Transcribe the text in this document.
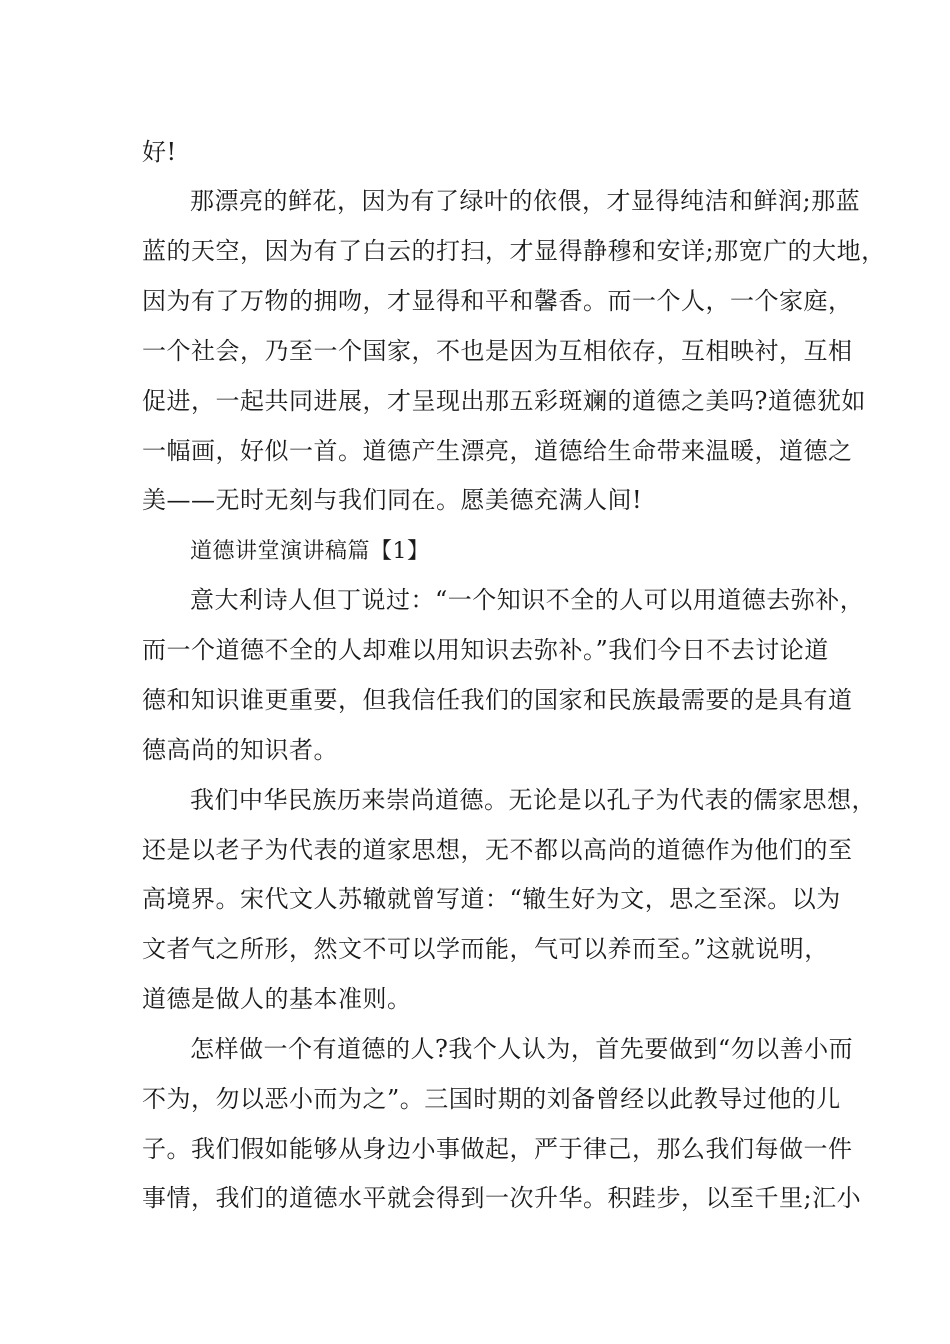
好!
那漂亮的鲜花，因为有了绿叶的依偎，才显得纯洁和鲜润;那蓝
蓝的天空，因为有了白云的打扫，才显得静穆和安详;那宽广的大地，
因为有了万物的拥吻，才显得和平和馨香。而一个人，一个家庭，
一个社会，乃至一个国家，不也是因为互相依存，互相映衬，互相
促进，一起共同进展，才呈现出那五彩斑斓的道德之美吗?道德犹如
一幅画，好似一首。道德产生漂亮，道德给生命带来温暖，道德之
美——无时无刻与我们同在。愿美德充满人间!
道德讲堂演讲稿篇【1】
意大利诗人但丁说过：“一个知识不全的人可以用道德去弥补，
而一个道德不全的人却难以用知识去弥补。”我们今日不去讨论道
德和知识谁更重要，但我信任我们的国家和民族最需要的是具有道
德高尚的知识者。
我们中华民族历来崇尚道德。无论是以孔子为代表的儒家思想，
还是以老子为代表的道家思想，无不都以高尚的道德作为他们的至
高境界。宋代文人苏辙就曾写道：“辙生好为文，思之至深。以为
文者气之所形，然文不可以学而能，气可以养而至。”这就说明，
道德是做人的基本准则。
怎样做一个有道德的人?我个人认为，首先要做到“勿以善小而
不为，勿以恶小而为之”。三国时期的刘备曾经以此教导过他的儿
子。我们假如能够从身边小事做起，严于律己，那么我们每做一件
事情，我们的道德水平就会得到一次升华。积跬步，以至千里;汇小
